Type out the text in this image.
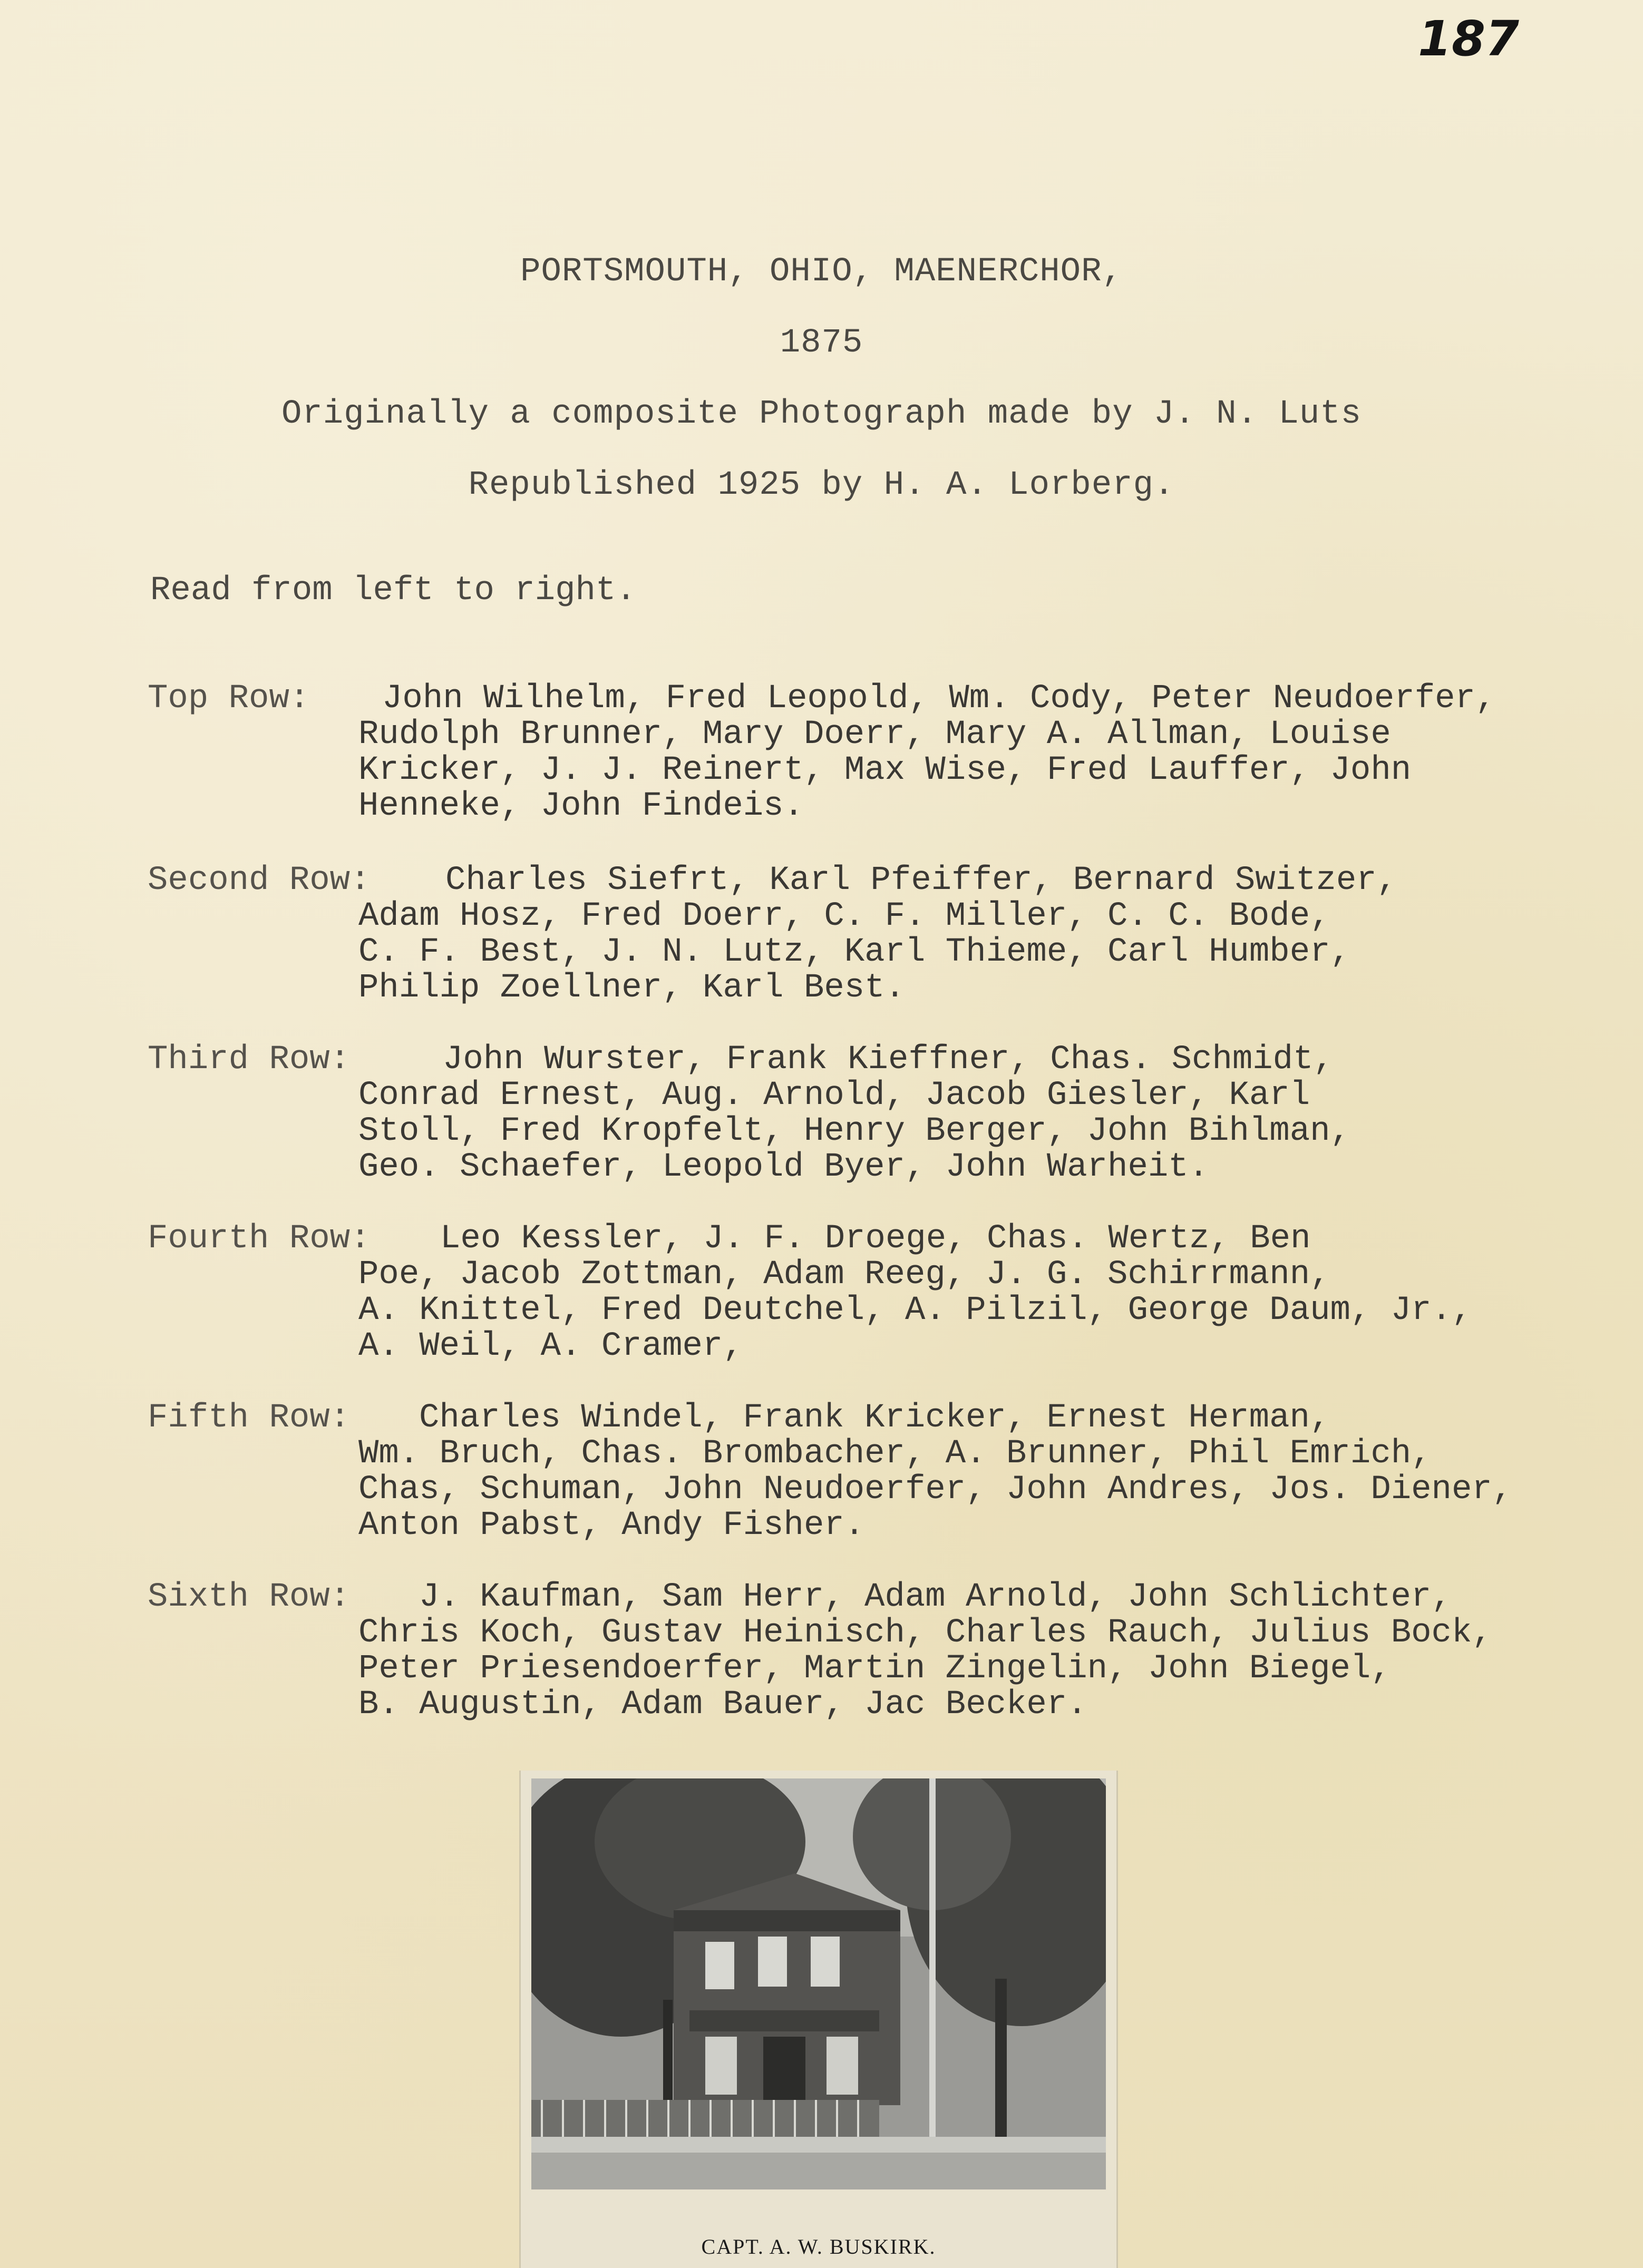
187
PORTSMOUTH, OHIO, MAENERCHOR,
1875
Originally a composite Photograph made by J. N. Luts
Republished 1925 by H. A. Lorberg.
Read from left to right.
Top Row: John Wilhelm, Fred Leopold, Wm. Cody, Peter Neudoerfer,
Rudolph Brunner, Mary Doerr, Mary A. Allman, Louise
Kricker, J. J. Reinert, Max Wise, Fred Lauffer, John
Henneke, John Findeis.
Second Row: Charles Siefrt, Karl Pfeiffer, Bernard Switzer,
Adam Hosz, Fred Doerr, C. F. Miller, C. C. Bode,
C. F. Best, J. N. Lutz, Karl Thieme, Carl Humber,
Philip Zoellner, Karl Best.
Third Row:	John Wurster, Frank Kieffner, Chas. Schmidt,
Conrad Ernest, Aug. Arnold, Jacob Giesler, Karl
Stoll, Fred Kropfelt, Henry Berger, John Bihlman,
Geo. Schaefer, Leopold Byer, John Warheit.
Fourth Row: Leo Kessler, J. F. Droege, Chas. Wertz, Ben
Poe, Jacob Zottman, Adam Reeg, J. G. Schirrmann,
A. Knittel, Fred Deutchel, A. Pilzil, George Daum, Jr.,
A. Weil, A. Cramer,
Fifth Row: Charles Windel, Frank Kricker, Ernest Herman,
Wm. Bruch, Chas. Brombacher, A. Brunner, Phil Emrich,
Chas, Schuman, John Neudoerfer, John Andres, Jos. Diener,
Anton Pabst, Andy Fisher.
Sixth Row: J. Kaufman, Sam Herr, Adam Arnold, John Schlichter,
Chris Koch, Gustav Heinisch, Charles Rauch, Julius Bock,
Peter Priesendoerfer, Martin Zingelin, John Biegel,
B. Augustin, Adam Bauer, Jac Becker.
CAPT. A. W. BUSKIRK.
